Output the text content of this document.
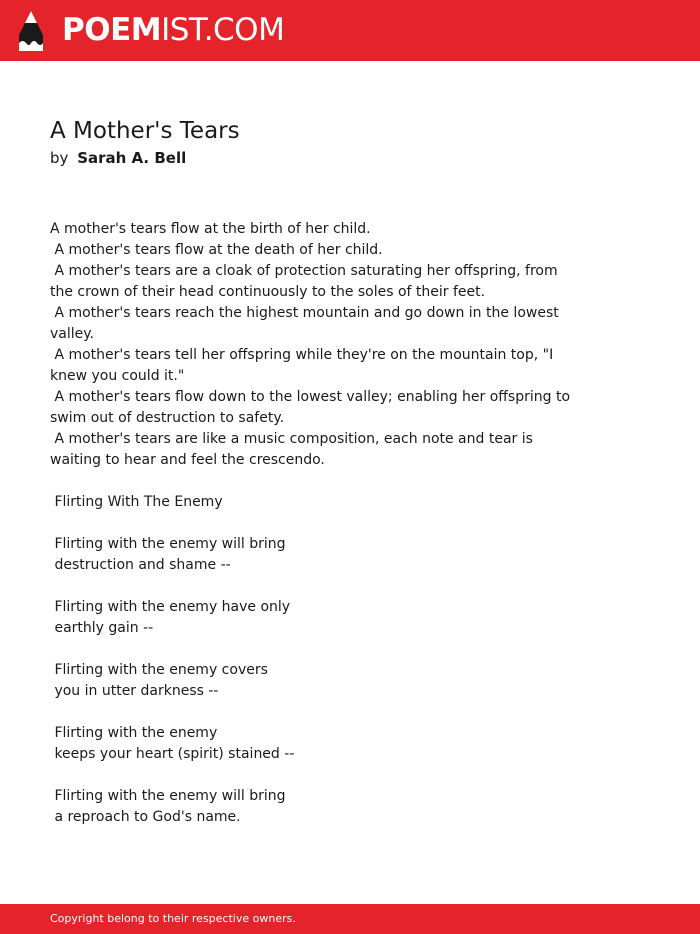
POEMIST.COM
A Mother's Tears
by Sarah A. Bell
A mother's tears flow at the birth of her child.
A mother's tears flow at the death of her child.
A mother's tears are a cloak of protection saturating her offspring, from
the crown of their head continuously to the soles of their feet.
A mother's tears reach the highest mountain and go down in the lowest
valley.
A mother's tears tell her offspring while they're on the mountain top, "I
knew you could it."
A mother's tears flow down to the lowest valley; enabling her offspring to
swim out of destruction to safety.
A mother's tears are like a music composition, each note and tear is
waiting to hear and feel the crescendo.

Flirting With The Enemy

Flirting with the enemy will bring
destruction and shame --

Flirting with the enemy have only
earthly gain --

Flirting with the enemy covers
you in utter darkness --

Flirting with the enemy
keeps your heart (spirit) stained --

Flirting with the enemy will bring
a reproach to God's name.
Copyright belong to their respective owners.
